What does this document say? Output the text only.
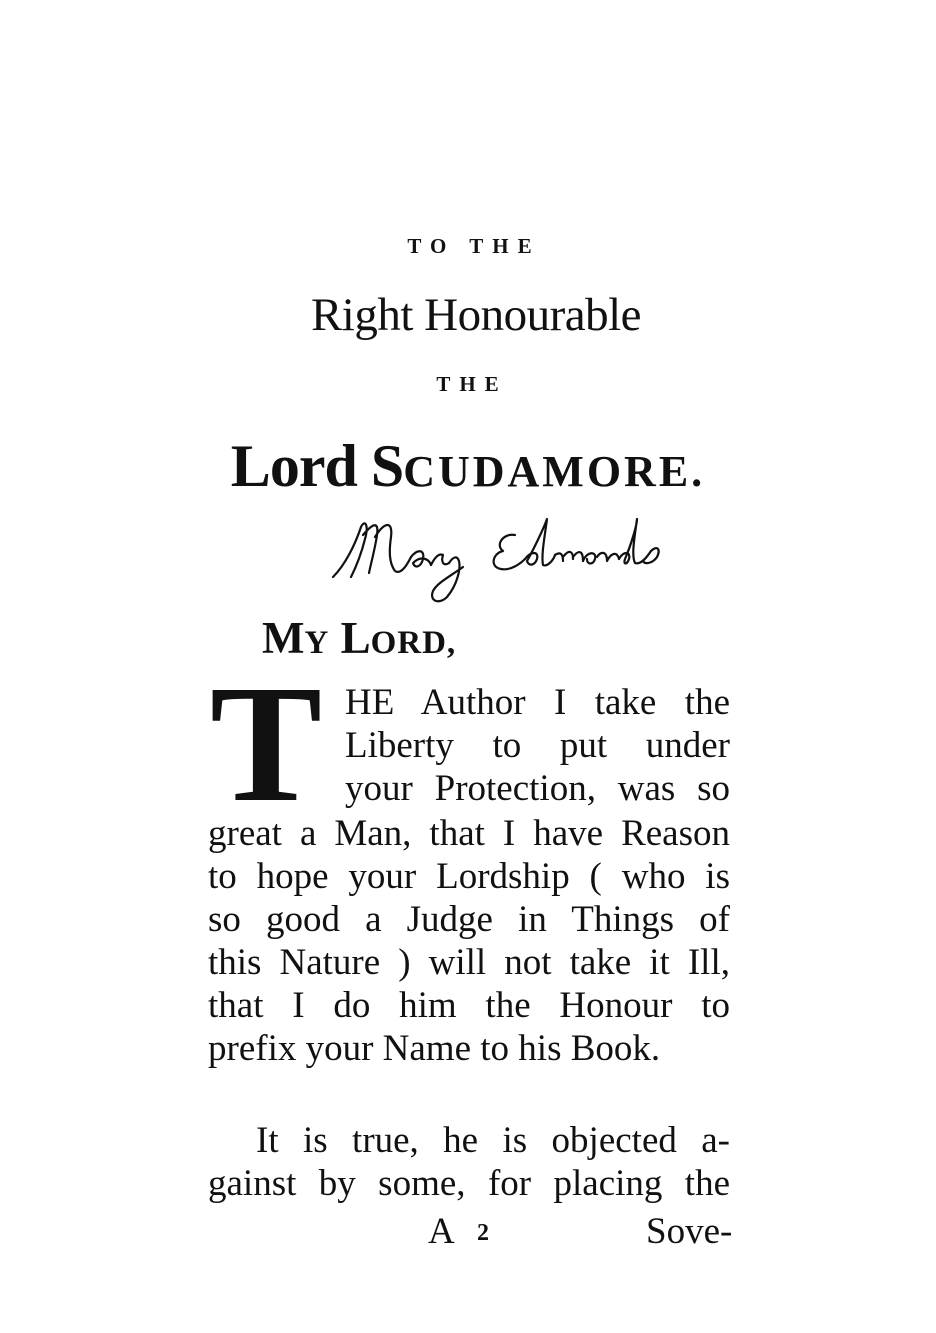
TO THE
Right Honourable
THE
Lord SCUDAMORE.
MY LORD,
T HE Author I take the
Liberty to put under
your Protection, was so
great a Man, that I have Reason
to hope your Lordship ( who is
so good a Judge in Things of
this Nature ) will not take it Ill,
that I do him the Honour to
prefix your Name to his Book.
It is true, he is objected a-
gainst by some, for placing the
A 2	Sove-
